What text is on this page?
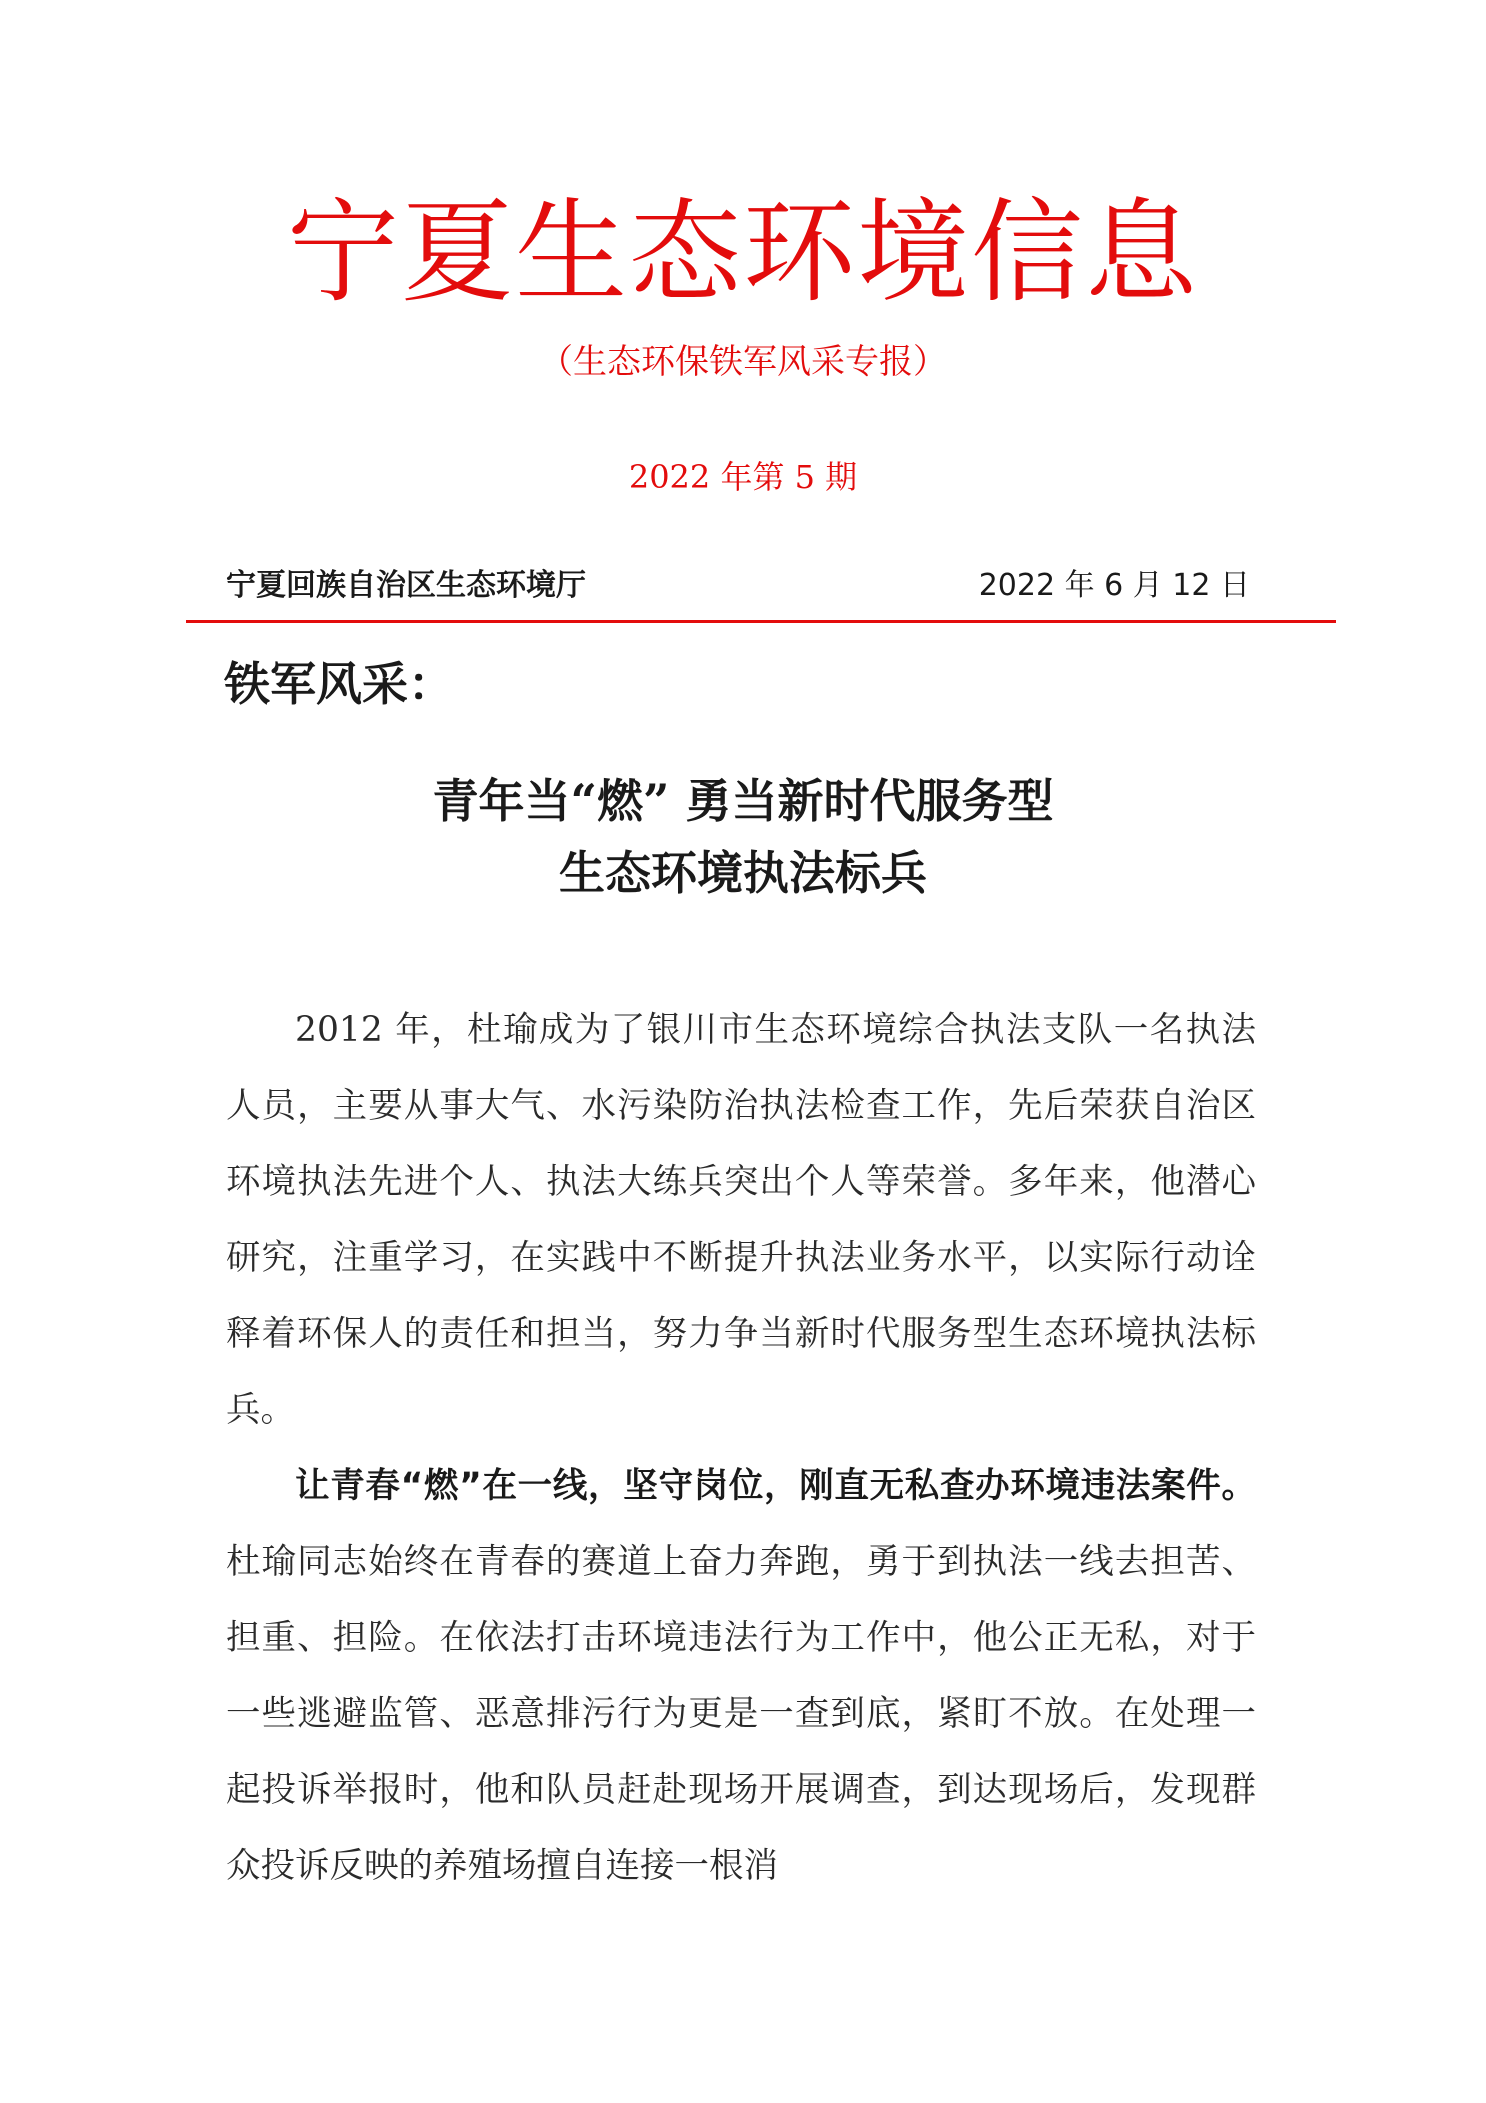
宁夏生态环境信息
（生态环保铁军风采专报）
2022 年第 5 期
宁夏回族自治区生态环境厅	2022 年 6 月 12 日
铁军风采：
青年当“燃” 勇当新时代服务型
生态环境执法标兵

2012 年，杜瑜成为了银川市生态环境综合执法支队一名执法人员，主要从事大气、水污染防治执法检查工作，先后荣获自治区环境执法先进个人、执法大练兵突出个人等荣誉。多年来，他潜心研究，注重学习，在实践中不断提升执法业务水平，以实际行动诠释着环保人的责任和担当，努力争当新时代服务型生态环境执法标兵。

让青春“燃”在一线，坚守岗位，刚直无私查办环境违法案件。杜瑜同志始终在青春的赛道上奋力奔跑，勇于到执法一线去担苦、担重、担险。在依法打击环境违法行为工作中，他公正无私，对于一些逃避监管、恶意排污行为更是一查到底，紧盯不放。在处理一起投诉举报时，他和队员赶赴现场开展调查，到达现场后，发现群众投诉反映的养殖场擅自连接一根消
